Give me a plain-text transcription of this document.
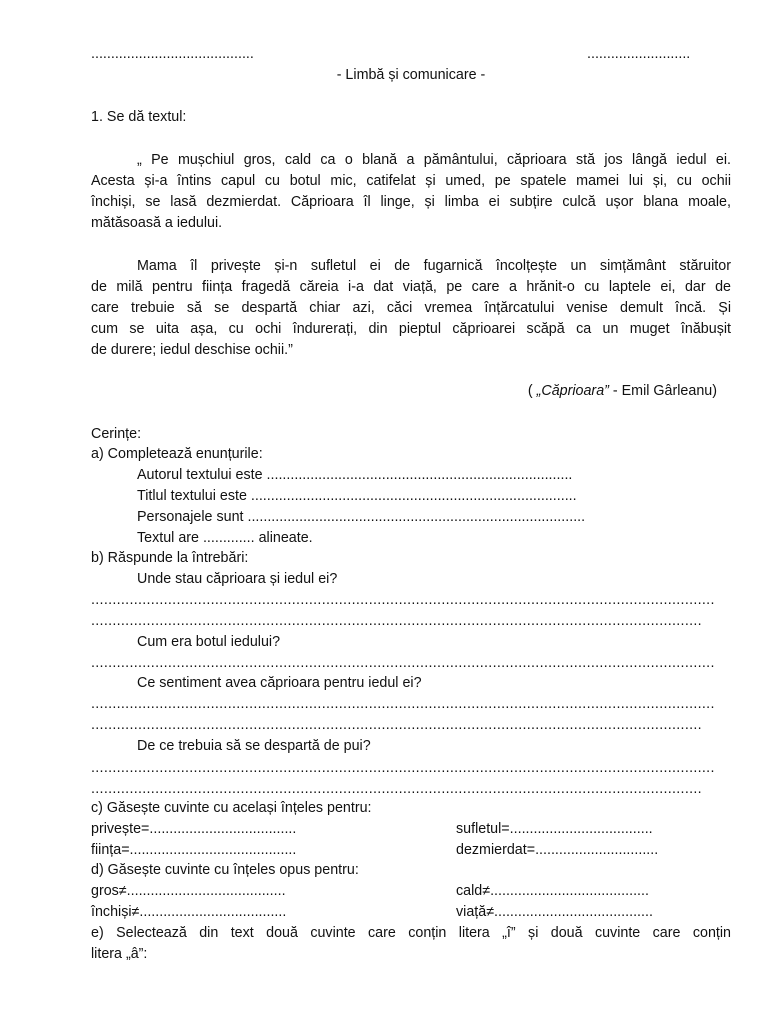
.........................................	..........................
- Limbă și comunicare -
1. Se dă textul:
„ Pe mușchiul gros, cald ca o blană a pământului, căprioara stă jos lângă iedul ei.
Acesta și-a întins capul cu botul mic, catifelat și umed, pe spatele mamei lui și, cu ochii
închiși, se lasă dezmierdat. Căprioara îl linge, și limba ei subțire culcă ușor blana moale,
mătăsoasă a iedului.
Mama îl privește și-n sufletul ei de fugarnică încolțește un simțământ stăruitor
de milă pentru ființa fragedă căreia i-a dat viață, pe care a hrănit-o cu laptele ei, dar de
care trebuie să se despartă chiar azi, căci vremea înțărcatului venise demult încă. Și
cum se uita așa, cu ochi îndurerați, din pieptul căprioarei scăpă ca un muget înăbușit
de durere; iedul deschise ochii.”
( „Căprioara” - Emil Gârleanu)
Cerințe:
a) Completează enunțurile:
Autorul textului este .............................................................................
Titlul textului este ..................................................................................
Personajele sunt .....................................................................................
Textul are ............. alineate.
b) Răspunde la întrebări:
Unde stau căprioara și iedul ei?
..................................................................................................................................................
...............................................................................................................................................
Cum era botul iedului?
..................................................................................................................................................
Ce sentiment avea căprioara pentru iedul ei?
..................................................................................................................................................
...............................................................................................................................................
De ce trebuia să se despartă de pui?
..................................................................................................................................................
...............................................................................................................................................
c) Găsește cuvinte cu același înțeles pentru:
privește=.....................................	sufletul=....................................
ființa=..........................................	dezmierdat=...............................
d) Găsește cuvinte cu înțeles opus pentru:
gros≠........................................	cald≠........................................
închiși≠.....................................	viață≠........................................
e) Selectează din text două cuvinte care conțin litera „î” și două cuvinte care conțin
litera „â”:
